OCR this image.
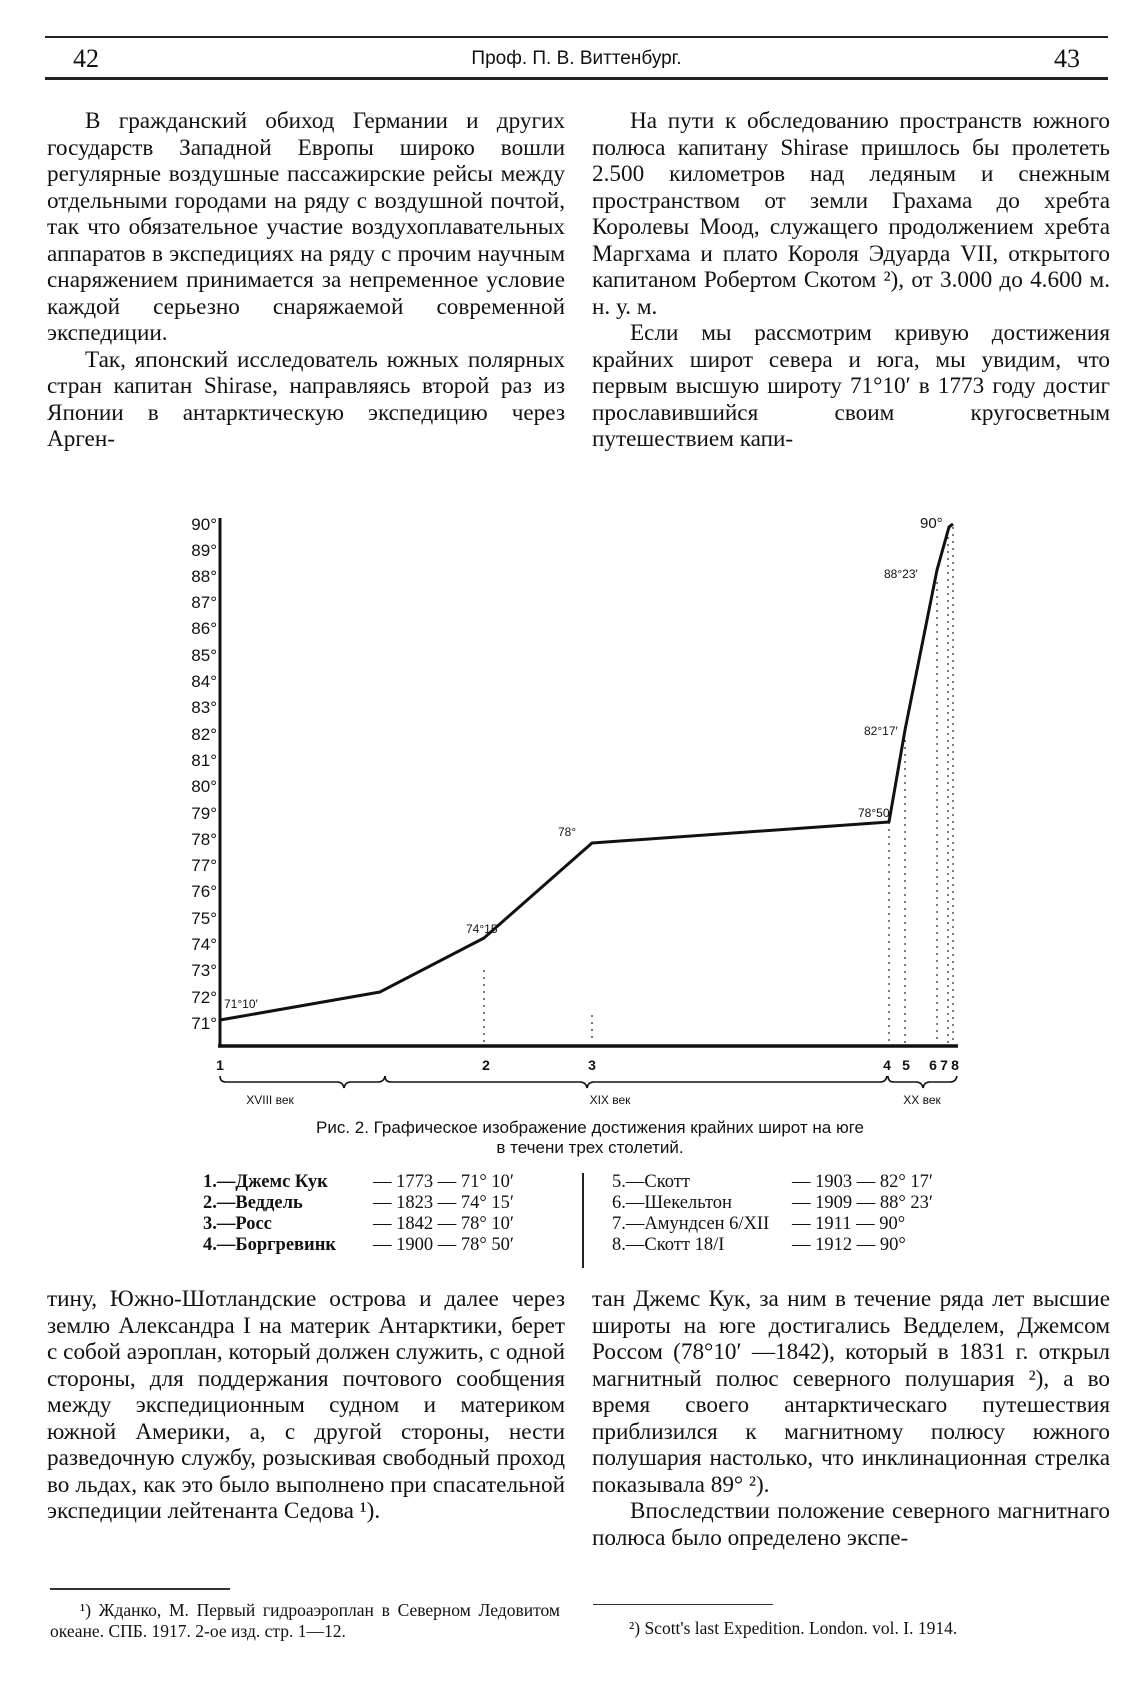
42	Проф. П. В. Виттенбург.	43

В гражданский обиход Германии и других государств Западной Европы широко вошли регулярные воздушные пассажирские рейсы между отдельными городами на ряду с воздушной почтой, так что обязательное участие воздухоплавательных аппаратов в экспедициях на ряду с прочим научным снаряжением принимается за непременное условие каждой серьезно снаряжаемой современной экспедиции.

Так, японский исследователь южных полярных стран капитан Shirase, направляясь второй раз из Японии в антарктическую экспедицию через Арген-

На пути к обследованию пространств южного полюса капитану Shirase пришлось бы пролететь 2.500 километров над ледяным и снежным пространством от земли Грахама до хребта Королевы Моод, служащего продолжением хребта Маргхама и плато Короля Эдуарда VII, открытого капитаном Робертом Скотом ²), от 3.000 до 4.600 м. н. у. м.

Если мы рассмотрим кривую достижения крайних широт севера и юга, мы увидим, что первым высшую широту 71°10′ в 1773 году достиг прославившийся своим кругосветным путешествием капи-

90°
89°
88°
87°
86°
85°
84°
83°
82°
81°
80°
79°
78°
77°
76°
75°
74°
73°
72°
71°
71°10′
74°15
78°
78°50′
82°17′
88°23′
90°
1	2	3	4 5 6 7 8
XVIII век	XIX век	XX век
Рис. 2. Графическое изображение достижения крайних широт на юге
в течени трех столетий.
1.—Джемс Кук	— 1773 — 71° 10′
2.—Веддель	— 1823 — 74° 15′
3.—Росс	— 1842 — 78° 10′
4.—Боргревинк	— 1900 — 78° 50′
5.—Скотт	— 1903 — 82° 17′
6.—Шекельтон	— 1909 — 88° 23′
7.—Амундсен 6/XII	— 1911 — 90°
8.—Скотт 18/I	— 1912 — 90°

тину, Южно-Шотландские острова и далее через землю Александра I на материк Антарктики, берет с собой аэроплан, который должен служить, с одной стороны, для поддержания почтового сообщения между экспедиционным судном и материком южной Америки, а, с другой стороны, нести разведочную службу, розыскивая свободный проход во льдах, как это было выполнено при спасательной экспедиции лейтенанта Седова ¹).

тан Джемс Кук, за ним в течение ряда лет высшие широты на юге достигались Ведделем, Джемсом Россом (78°10′ —1842), который в 1831 г. открыл магнитный полюс северного полушария ²), а во время своего антарктическаго путешествия приблизился к магнитному полюсу южного полушария настолько, что инклинационная стрелка показывала 89° ²).

Впоследствии положение северного магнитнаго полюса было определено экспе-

¹) Жданко, М. Первый гидроаэроплан в Северном Ледовитом океане. СПБ. 1917. 2-ое изд. стр. 1—12.	²) Scott's last Expedition. London. vol. I. 1914.
